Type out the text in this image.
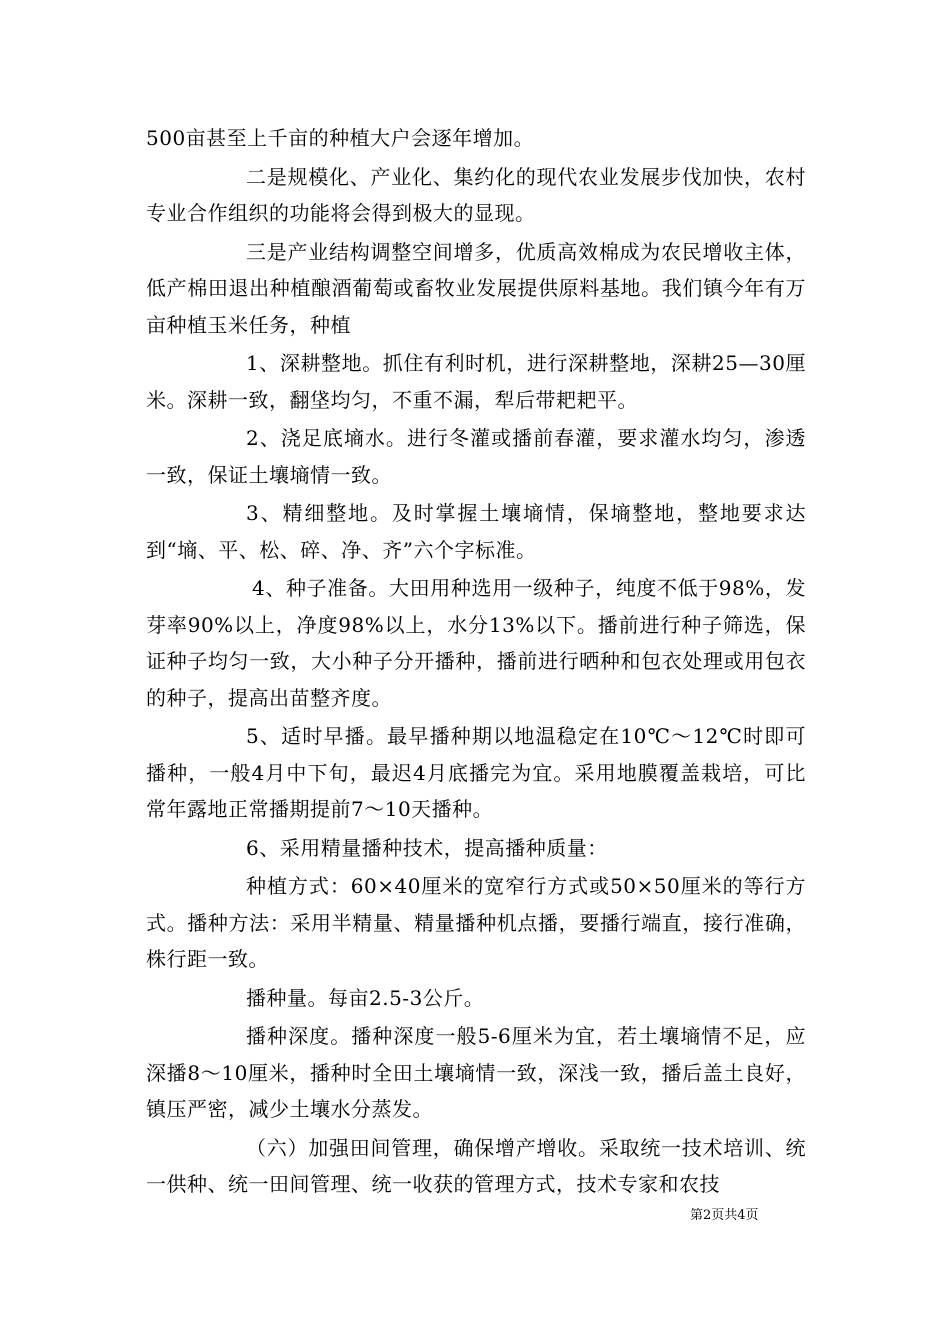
500亩甚至上千亩的种植大户会逐年增加。

二是规模化、产业化、集约化的现代农业发展步伐加快，农村专业合作组织的功能将会得到极大的显现。

三是产业结构调整空间增多，优质高效棉成为农民增收主体，低产棉田退出种植酿酒葡萄或畜牧业发展提供原料基地。我们镇今年有万亩种植玉米任务，种植

1、深耕整地。抓住有利时机，进行深耕整地，深耕25—30厘米。深耕一致，翻垡均匀，不重不漏，犁后带耙耙平。

2、浇足底墒水。进行冬灌或播前春灌，要求灌水均匀，渗透一致，保证土壤墒情一致。

3、精细整地。及时掌握土壤墒情，保墒整地，整地要求达到“墒、平、松、碎、净、齐”六个字标准。

4、种子准备。大田用种选用一级种子，纯度不低于98%，发芽率90%以上，净度98%以上，水分13%以下。播前进行种子筛选，保证种子均匀一致，大小种子分开播种，播前进行晒种和包衣处理或用包衣的种子，提高出苗整齐度。

5、适时早播。最早播种期以地温稳定在10℃～12℃时即可播种，一般4月中下旬，最迟4月底播完为宜。采用地膜覆盖栽培，可比常年露地正常播期提前7～10天播种。

6、采用精量播种技术，提高播种质量：

种植方式：60×40厘米的宽窄行方式或50×50厘米的等行方式。播种方法：采用半精量、精量播种机点播，要播行端直，接行准确，株行距一致。

播种量。每亩2.5-3公斤。

播种深度。播种深度一般5-6厘米为宜，若土壤墒情不足，应深播8～10厘米，播种时全田土壤墒情一致，深浅一致，播后盖土良好，镇压严密，减少土壤水分蒸发。

（六）加强田间管理，确保增产增收。采取统一技术培训、统一供种、统一田间管理、统一收获的管理方式，技术专家和农技

第2页共4页
